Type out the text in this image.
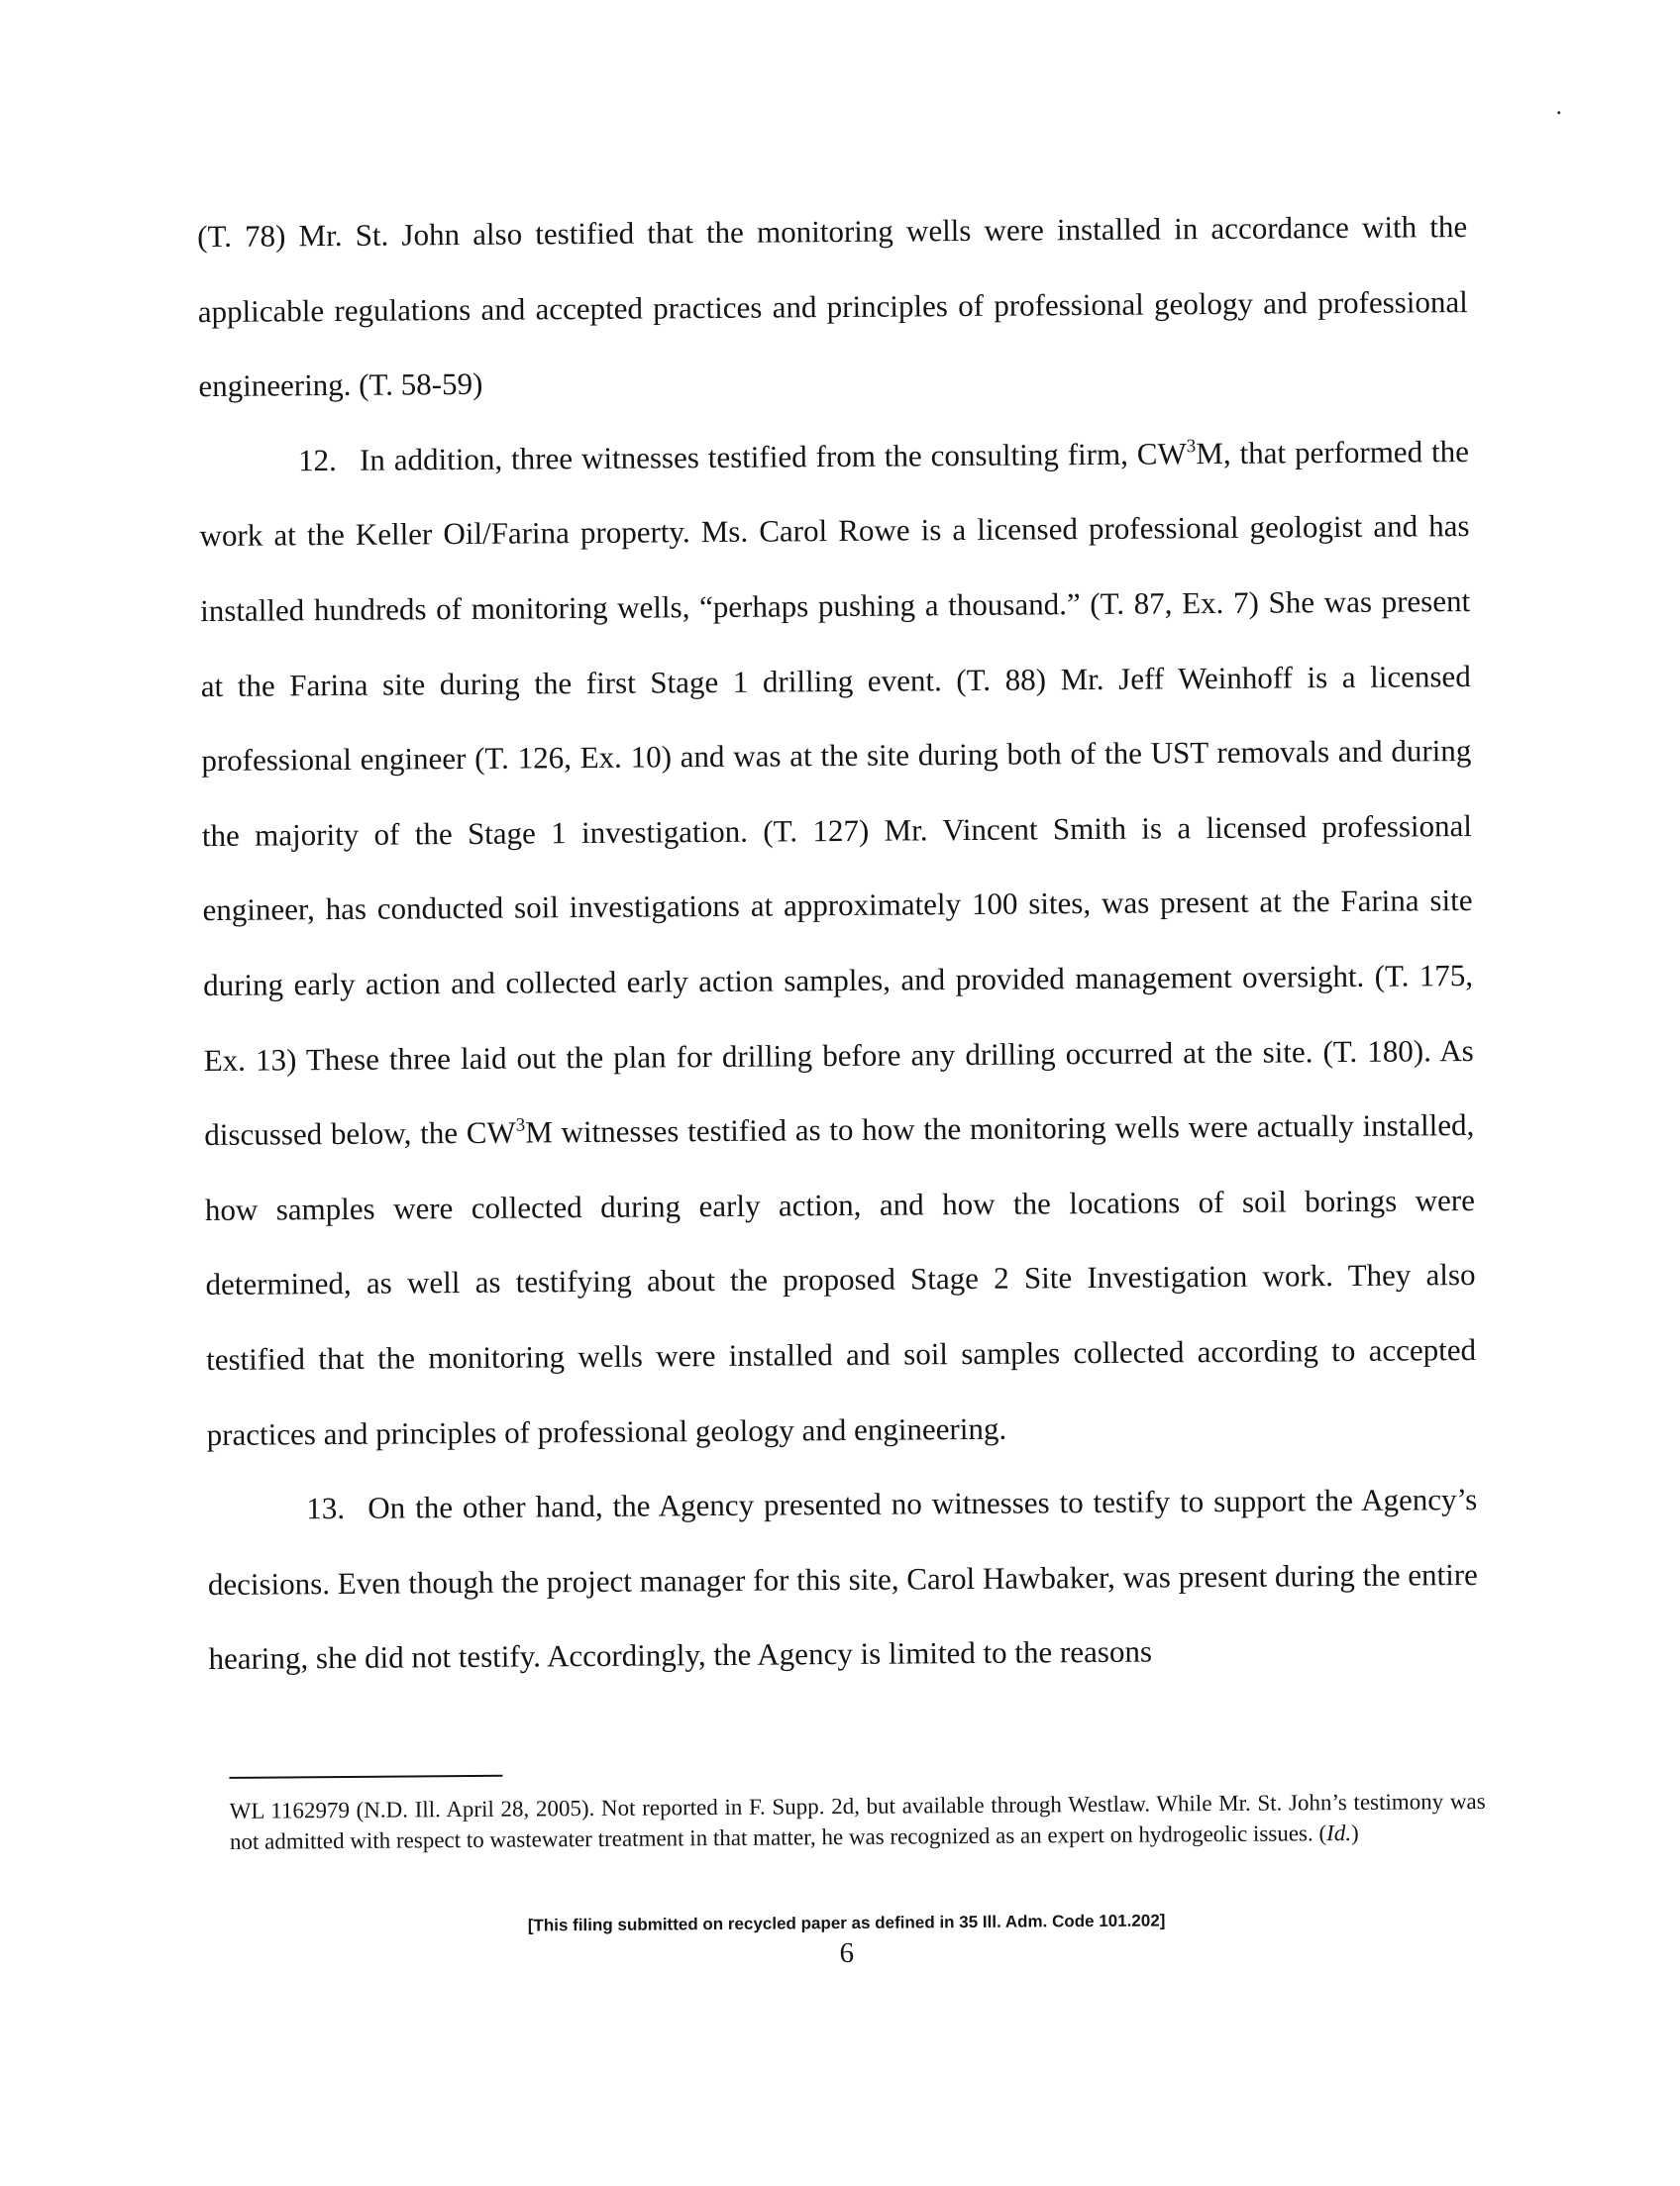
(T. 78) Mr. St. John also testified that the monitoring wells were installed in accordance with the applicable regulations and accepted practices and principles of professional geology and professional engineering. (T. 58-59)

12. In addition, three witnesses testified from the consulting firm, $CW^3M$, that performed the work at the Keller Oil/Farina property. Ms. Carol Rowe is a licensed professional geologist and has installed hundreds of monitoring wells, “perhaps pushing a thousand.” (T. 87, Ex. 7) She was present at the Farina site during the first Stage 1 drilling event. (T. 88) Mr. Jeff Weinhoff is a licensed professional engineer (T. 126, Ex. 10) and was at the site during both of the UST removals and during the majority of the Stage 1 investigation. (T. 127) Mr. Vincent Smith is a licensed professional engineer, has conducted soil investigations at approximately 100 sites, was present at the Farina site during early action and collected early action samples, and provided management oversight. (T. 175, Ex. 13) These three laid out the plan for drilling before any drilling occurred at the site. (T. 180). As discussed below, the $CW^3M$ witnesses testified as to how the monitoring wells were actually installed, how samples were collected during early action, and how the locations of soil borings were determined, as well as testifying about the proposed Stage 2 Site Investigation work. They also testified that the monitoring wells were installed and soil samples collected according to accepted practices and principles of professional geology and engineering.

13. On the other hand, the Agency presented no witnesses to testify to support the Agency’s decisions. Even though the project manager for this site, Carol Hawbaker, was present during the entire hearing, she did not testify. Accordingly, the Agency is limited to the reasons

WL 1162979 (N.D. Ill. April 28, 2005). Not reported in F. Supp. 2d, but available through Westlaw. While Mr. St. John’s testimony was not admitted with respect to wastewater treatment in that matter, he was recognized as an expert on hydrogeolic issues. (Id.)

[This filing submitted on recycled paper as defined in 35 Ill. Adm. Code 101.202]
6
